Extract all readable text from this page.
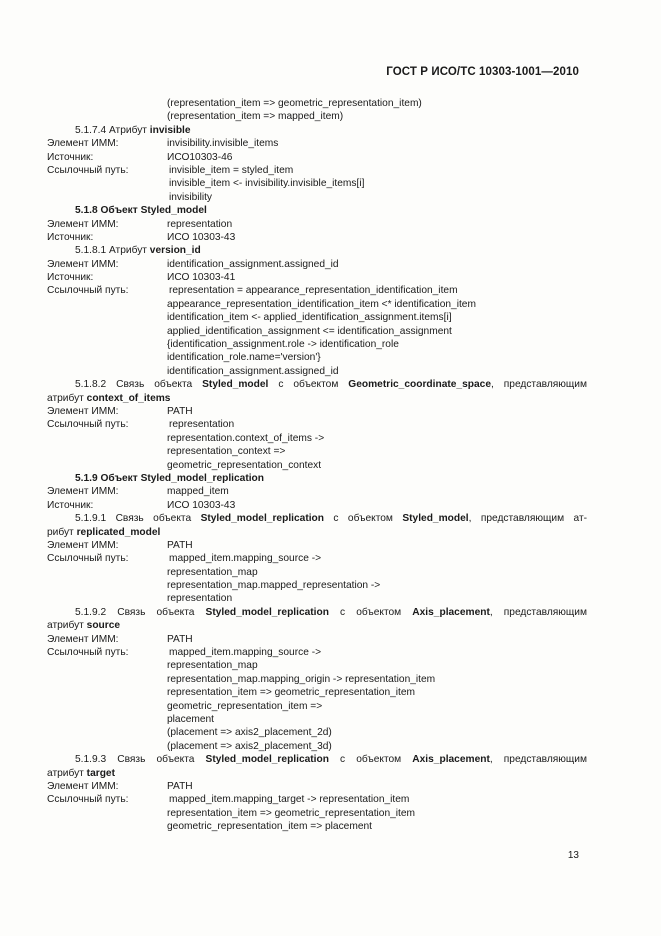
ГОСТ Р ИСО/ТС 10303-1001—2010
(representation_item => geometric_representation_item)
(representation_item => mapped_item)
5.1.7.4 Атрибут invisible
Элемент ИММ:	invisibility.invisible_items
Источник:	ИСО10303-46
Ссылочный путь:	invisible_item = styled_item
invisible_item <- invisibility.invisible_items[i]
invisibility
5.1.8 Объект Styled_model
Элемент ИММ:	representation
Источник:	ИСО 10303-43
5.1.8.1 Атрибут version_id
Элемент ИММ:	identification_assignment.assigned_id
Источник:	ИСО 10303-41
Ссылочный путь:	representation = appearance_representation_identification_item
appearance_representation_identification_item <* identification_item
identification_item <- applied_identification_assignment.items[i]
applied_identification_assignment <= identification_assignment
{identification_assignment.role -> identification_role
identification_role.name='version'}
identification_assignment.assigned_id
5.1.8.2 Связь объекта Styled_model с объектом Geometric_coordinate_space, представляющим
атрибут context_of_items
Элемент ИММ:	PATH
Ссылочный путь:	representation
representation.context_of_items ->
representation_context =>
geometric_representation_context
5.1.9 Объект Styled_model_replication
Элемент ИММ:	mapped_item
Источник:	ИСО 10303-43
5.1.9.1 Связь объекта Styled_model_replication с объектом Styled_model, представляющим ат-
рибут replicated_model
Элемент ИММ:	PATH
Ссылочный путь:	mapped_item.mapping_source ->
representation_map
representation_map.mapped_representation ->
representation
5.1.9.2 Связь объекта Styled_model_replication с объектом Axis_placement, представляющим
атрибут source
Элемент ИММ:	PATH
Ссылочный путь:	mapped_item.mapping_source ->
representation_map
representation_map.mapping_origin -> representation_item
representation_item => geometric_representation_item
geometric_representation_item =>
placement
(placement => axis2_placement_2d)
(placement => axis2_placement_3d)
5.1.9.3 Связь объекта Styled_model_replication с объектом Axis_placement, представляющим
атрибут target
Элемент ИММ:	PATH
Ссылочный путь:	mapped_item.mapping_target -> representation_item
representation_item => geometric_representation_item
geometric_representation_item => placement
13
